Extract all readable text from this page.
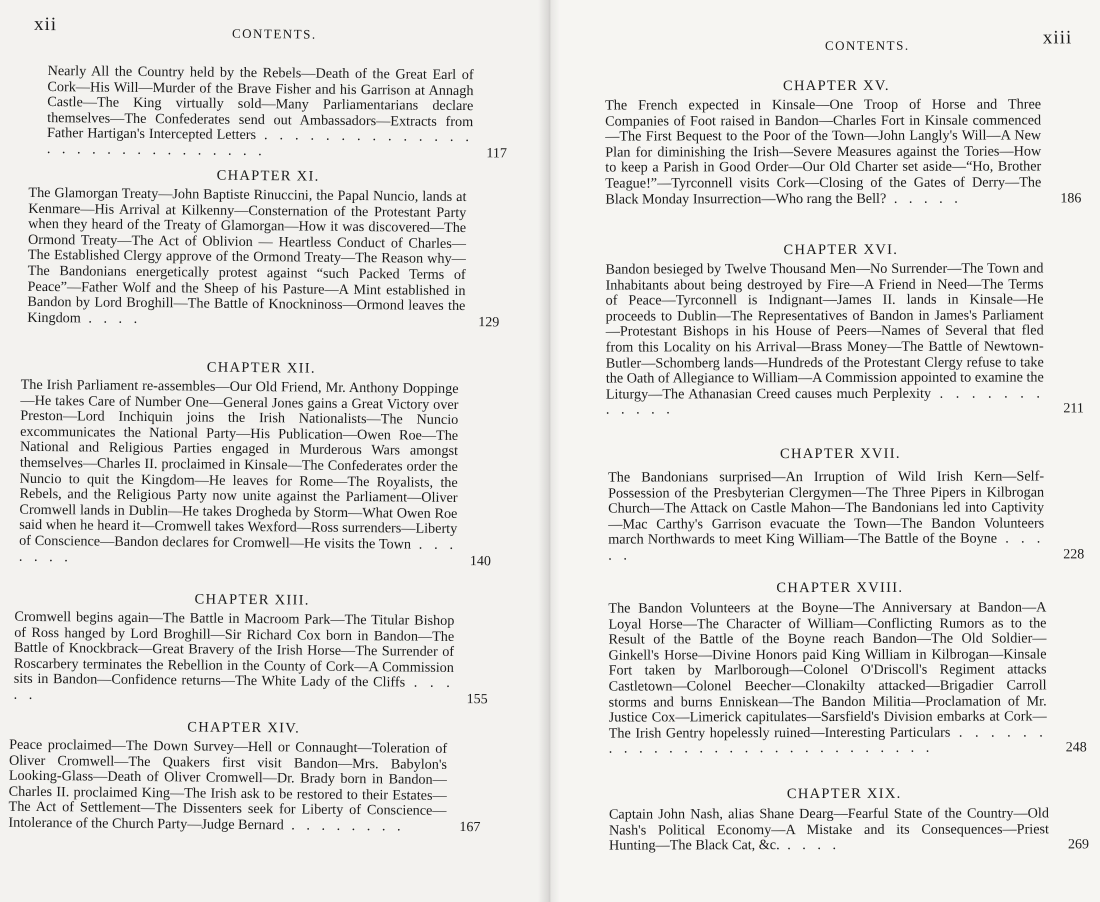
xii	CONTENTS.
Nearly All the Country held by the Rebels—Death of the Great Earl of Cork—His Will—Murder of the Brave Fisher and his Garrison at Annagh Castle—The King virtually sold—Many Parliamentarians declare themselves—The Confederates send out Ambassadors—Extracts from Father Hartigan's Intercepted Letters . . . . . . . . . . . . . . . . . . . . . . . . . . . . .	117
CHAPTER XI.
The Glamorgan Treaty—John Baptiste Rinuccini, the Papal Nuncio, lands at Kenmare—His Arrival at Kilkenny—Consternation of the Protestant Party when they heard of the Treaty of Glamorgan—How it was discovered—The Ormond Treaty—The Act of Oblivion — Heartless Conduct of Charles—The Established Clergy approve of the Ormond Treaty—The Reason why—The Bandonians energetically protest against “such Packed Terms of Peace”—Father Wolf and the Sheep of his Pasture—A Mint established in Bandon by Lord Broghill—The Battle of Knockninoss—Ormond leaves the Kingdom . . . .	129
CHAPTER XII.
The Irish Parliament re-assembles—Our Old Friend, Mr. Anthony Doppinge—He takes Care of Number One—General Jones gains a Great Victory over Preston—Lord Inchiquin joins the Irish Nationalists—The Nuncio excommunicates the National Party—His Publication—Owen Roe—The National and Religious Parties engaged in Murderous Wars amongst themselves—Charles II. proclaimed in Kinsale—The Confederates order the Nuncio to quit the Kingdom—He leaves for Rome—The Royalists, the Rebels, and the Religious Party now unite against the Parliament—Oliver Cromwell lands in Dublin—He takes Drogheda by Storm—What Owen Roe said when he heard it—Cromwell takes Wexford—Ross surrenders—Liberty of Conscience—Bandon declares for Cromwell—He visits the Town . . . . . . .	140
CHAPTER XIII.
Cromwell begins again—The Battle in Macroom Park—The Titular Bishop of Ross hanged by Lord Broghill—Sir Richard Cox born in Bandon—The Battle of Knockbrack—Great Bravery of the Irish Horse—The Surrender of Roscarbery terminates the Rebellion in the County of Cork—A Commission sits in Bandon—Confidence returns—The White Lady of the Cliffs . . . . .	155
CHAPTER XIV.
Peace proclaimed—The Down Survey—Hell or Connaught—Toleration of Oliver Cromwell—The Quakers first visit Bandon—Mrs. Babylon's Looking-Glass—Death of Oliver Cromwell—Dr. Brady born in Bandon—Charles II. proclaimed King—The Irish ask to be restored to their Estates—The Act of Settlement—The Dissenters seek for Liberty of Conscience—Intolerance of the Church Party—Judge Bernard . . . . . . . .	167
CONTENTS.	xiii
CHAPTER XV.
The French expected in Kinsale—One Troop of Horse and Three Companies of Foot raised in Bandon—Charles Fort in Kinsale commenced—The First Bequest to the Poor of the Town—John Langly's Will—A New Plan for diminishing the Irish—Severe Measures against the Tories—How to keep a Parish in Good Order—Our Old Charter set aside—“Ho, Brother Teague!”—Tyrconnell visits Cork—Closing of the Gates of Derry—The Black Monday Insurrection—Who rang the Bell? . . . . .	186
CHAPTER XVI.
Bandon besieged by Twelve Thousand Men—No Surrender—The Town and Inhabitants about being destroyed by Fire—A Friend in Need—The Terms of Peace—Tyrconnell is Indignant—James II. lands in Kinsale—He proceeds to Dublin—The Representatives of Bandon in James's Parliament—Protestant Bishops in his House of Peers—Names of Several that fled from this Locality on his Arrival—Brass Money—The Battle of Newtown-Butler—Schomberg lands—Hundreds of the Protestant Clergy refuse to take the Oath of Allegiance to William—A Commission appointed to examine the Liturgy—The Athanasian Creed causes much Perplexity . . . . . . . . . . . .	211
CHAPTER XVII.
The Bandonians surprised—An Irruption of Wild Irish Kern—Self-Possession of the Presbyterian Clergymen—The Three Pipers in Kilbrogan Church—The Attack on Castle Mahon—The Bandonians led into Captivity—Mac Carthy's Garrison evacuate the Town—The Bandon Volunteers march Northwards to meet King William—The Battle of the Boyne . . . . .	228
CHAPTER XVIII.
The Bandon Volunteers at the Boyne—The Anniversary at Bandon—A Loyal Horse—The Character of William—Conflicting Rumors as to the Result of the Battle of the Boyne reach Bandon—The Old Soldier—Ginkell's Horse—Divine Honors paid King William in Kilbrogan—Kinsale Fort taken by Marlborough—Colonel O'Driscoll's Regiment attacks Castletown—Colonel Beecher—Clonakilty attacked—Brigadier Carroll storms and burns Enniskean—The Bandon Militia—Proclamation of Mr. Justice Cox—Limerick capitulates—Sarsfield's Division embarks at Cork—The Irish Gentry hopelessly ruined—Interesting Particulars . . . . . . . . . . . . . . . . . . . . . . . . . . . .	248
CHAPTER XIX.
Captain John Nash, alias Shane Dearg—Fearful State of the Country—Old Nash's Political Economy—A Mistake and its Consequences—Priest Hunting—The Black Cat, &c. . . . .	269
